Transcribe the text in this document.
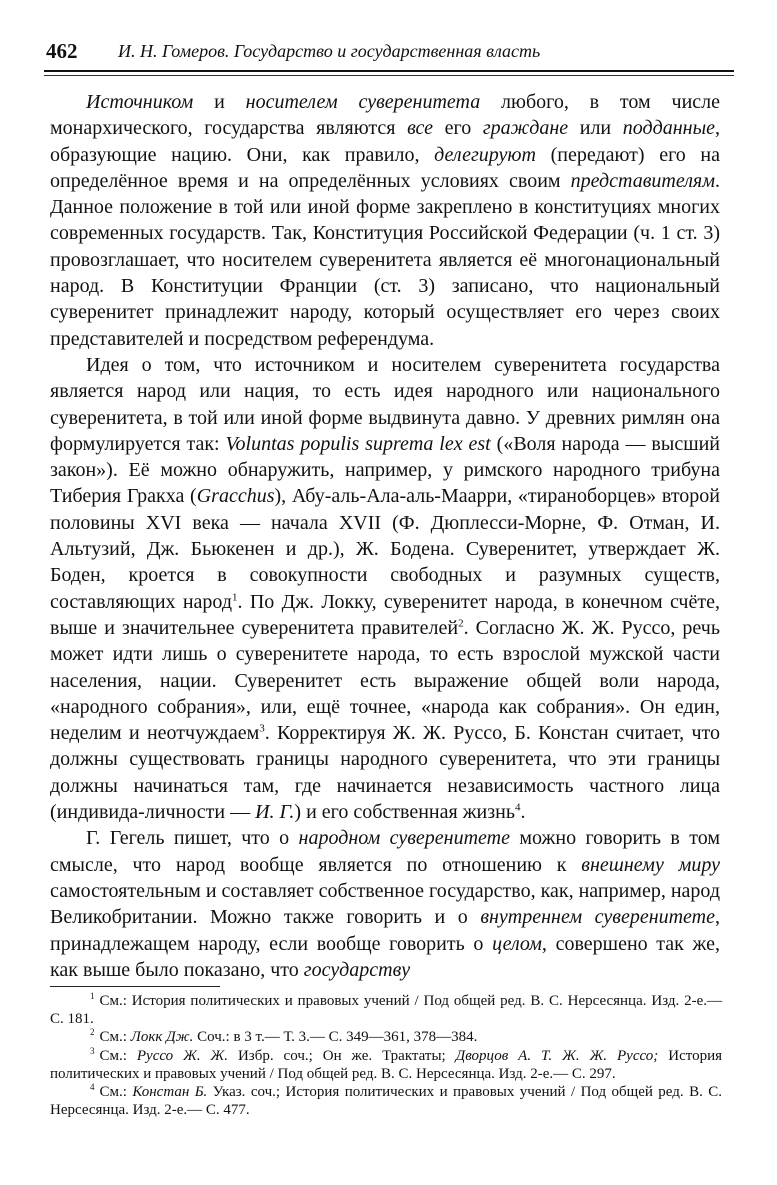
462 И. Н. Гомеров. Государство и государственная власть

Источником и носителем суверенитета любого, в том числе монархического, государства являются все его граждане или подданные, образующие нацию. Они, как правило, делегируют (передают) его на определённое время и на определённых условиях своим представителям. Данное положение в той или иной форме закреплено в конституциях многих современных государств. Так, Конституция Российской Федерации (ч. 1 ст. 3) провозглашает, что носителем суверенитета является её многонациональный народ. В Конституции Франции (ст. 3) записано, что национальный суверенитет принадлежит народу, который осуществляет его через своих представителей и посредством референдума.

Идея о том, что источником и носителем суверенитета государства является народ или нация, то есть идея народного или национального суверенитета, в той или иной форме выдвинута давно. У древних римлян она формулируется так: Voluntas populis suprema lex est («Воля народа — высший закон»). Её можно обнаружить, например, у римского народного трибуна Тиберия Гракха (Gracchus), Абу-аль-Ала-аль-Маарри, «тираноборцев» второй половины XVI века — начала XVII (Ф. Дюплесси-Морне, Ф. Отман, И. Альтузий, Дж. Бьюкенен и др.), Ж. Бодена. Суверенитет, утверждает Ж. Боден, кроется в совокупности свободных и разумных существ, составляющих народ$^1$. По Дж. Локку, суверенитет народа, в конечном счёте, выше и значительнее суверенитета правителей$^2$. Согласно Ж. Ж. Руссо, речь может идти лишь о суверенитете народа, то есть взрослой мужской части населения, нации. Суверенитет есть выражение общей воли народа, «народного собрания», или, ещё точнее, «народа как собрания». Он един, неделим и неотчуждаем$^3$. Корректируя Ж. Ж. Руссо, Б. Констан считает, что должны существовать границы народного суверенитета, что эти границы должны начинаться там, где начинается независимость частного лица (индивида-личности — И. Г.) и его собственная жизнь$^4$.

Г. Гегель пишет, что о народном суверенитете можно говорить в том смысле, что народ вообще является по отношению к внешнему миру самостоятельным и составляет собственное государство, как, например, народ Великобритании. Можно также говорить и о внутреннем суверенитете, принадлежащем народу, если вообще говорить о целом, совершено так же, как выше было показано, что государству

$^1$ См.: История политических и правовых учений / Под общей ред. В. С. Нерсесянца. Изд. 2-е.— С. 181.

$^2$ См.: Локк Дж. Соч.: в 3 т.— Т. 3.— С. 349—361, 378—384.

$^3$ См.: Руссо Ж. Ж. Избр. соч.; Он же. Трактаты; Дворцов А. Т. Ж. Ж. Руссо; История политических и правовых учений / Под общей ред. В. С. Нерсесянца. Изд. 2-е.— С. 297.

$^4$ См.: Констан Б. Указ. соч.; История политических и правовых учений / Под общей ред. В. С. Нерсесянца. Изд. 2-е.— С. 477.
